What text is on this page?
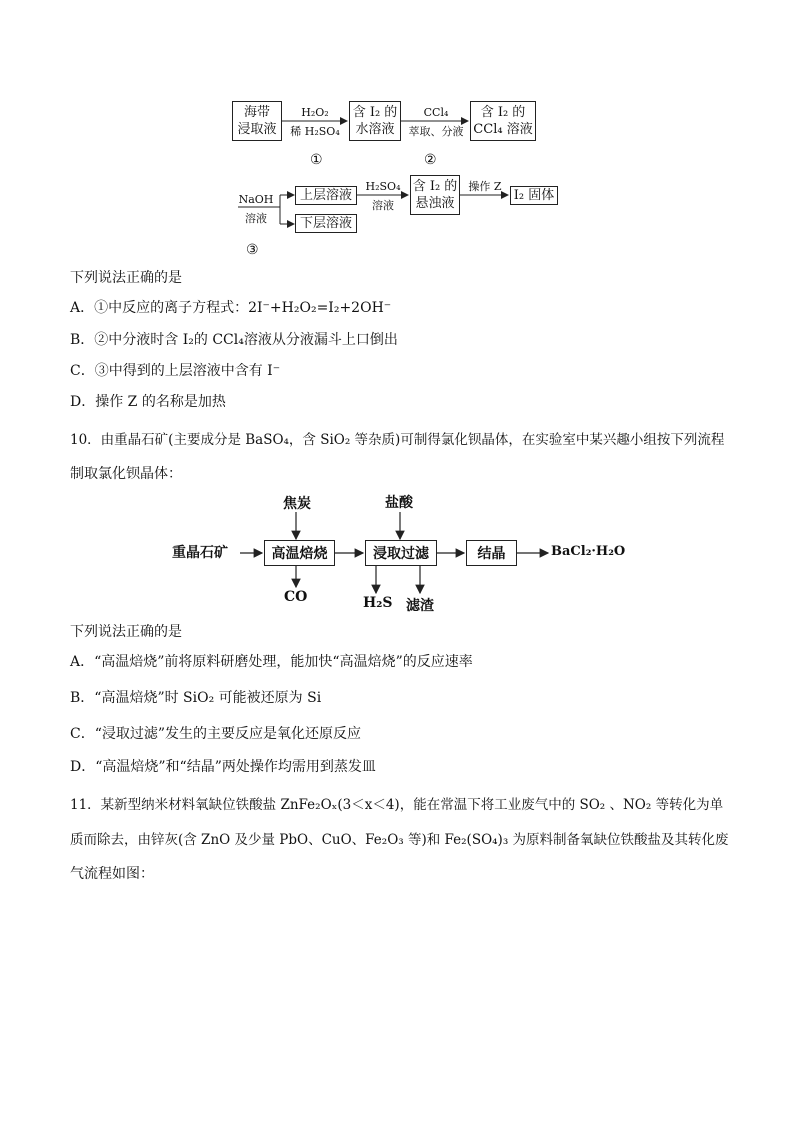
海带
浸取液
H₂O₂
稀 H₂SO₄
含 I₂ 的
水溶液
CCl₄
萃取、分液
含 I₂ 的
CCl₄ 溶液
①	②
NaOH
溶液
③
上层溶液
下层溶液
H₂SO₄
溶液
含 I₂ 的
悬浊液
操作 Z
I₂ 固体
下列说法正确的是
A．①中反应的离子方程式：2I⁻+H₂O₂=I₂+2OH⁻
B．②中分液时含 I₂的 CCl₄溶液从分液漏斗上口倒出
C．③中得到的上层溶液中含有 I⁻
D．操作 Z 的名称是加热
10．由重晶石矿(主要成分是 BaSO₄，含 SiO₂ 等杂质)可制得氯化钡晶体，在实验室中某兴趣小组按下列流程
制取氯化钡晶体：
重晶石矿
焦炭	盐酸
高温焙烧	浸取过滤	结晶	BaCl₂·H₂O
CO	H₂S 滤渣
下列说法正确的是
A．“高温焙烧”前将原料研磨处理，能加快“高温焙烧”的反应速率
B．“高温焙烧”时 SiO₂ 可能被还原为 Si
C．“浸取过滤”发生的主要反应是氧化还原反应
D．“高温焙烧”和“结晶”两处操作均需用到蒸发皿
11．某新型纳米材料氧缺位铁酸盐 ZnFe₂Oₓ(3＜x＜4)，能在常温下将工业废气中的 SO₂ 、NO₂ 等转化为单
质而除去，由锌灰(含 ZnO 及少量 PbO、CuO、Fe₂O₃ 等)和 Fe₂(SO₄)₃ 为原料制备氧缺位铁酸盐及其转化废
气流程如图：
